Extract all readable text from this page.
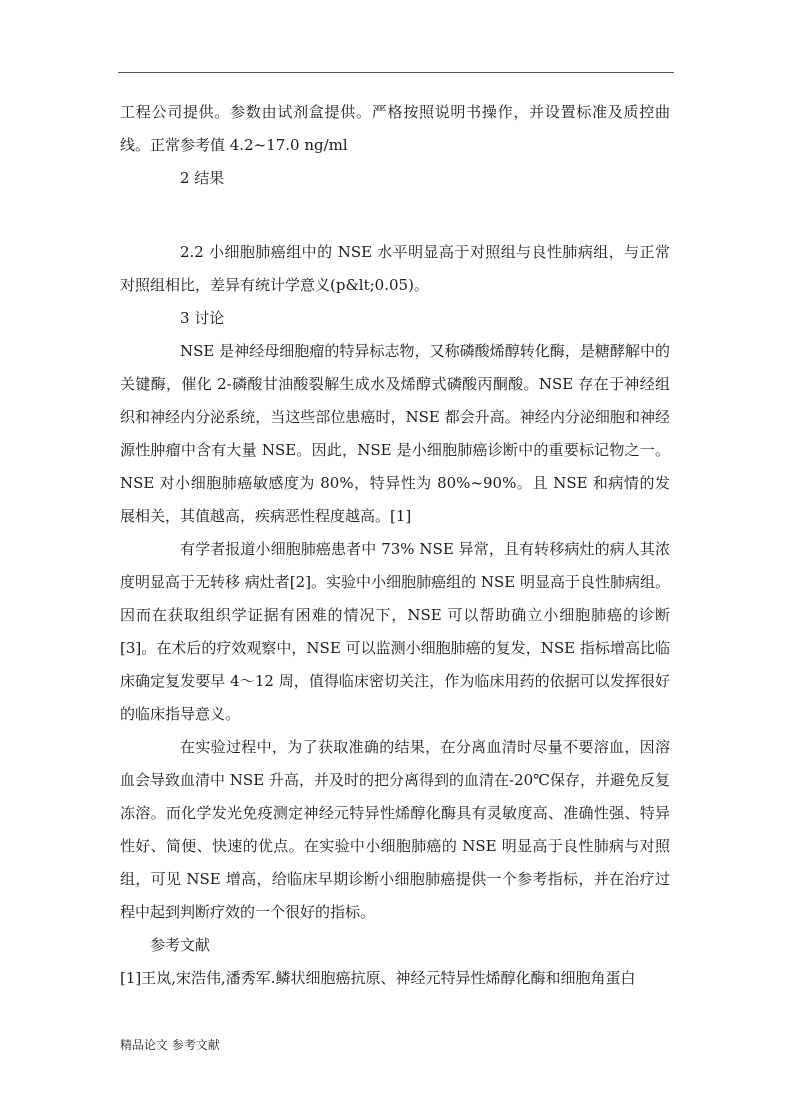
工程公司提供。参数由试剂盒提供。严格按照说明书操作，并设置标准及质控曲线。正常参考值 4.2~17.0 ng/ml

2 结果

2.2 小细胞肺癌组中的 NSE 水平明显高于对照组与良性肺病组，与正常对照组相比，差异有统计学意义(p&lt;0.05)。

3 讨论

NSE 是神经母细胞瘤的特异标志物，又称磷酸烯醇转化酶，是糖酵解中的关键酶，催化 2-磷酸甘油酸裂解生成水及烯醇式磷酸丙酮酸。NSE 存在于神经组织和神经内分泌系统，当这些部位患癌时，NSE 都会升高。神经内分泌细胞和神经源性肿瘤中含有大量 NSE。因此，NSE 是小细胞肺癌诊断中的重要标记物之一。NSE 对小细胞肺癌敏感度为 80%，特异性为 80%~90%。且 NSE 和病情的发展相关，其值越高，疾病恶性程度越高。[1]

有学者报道小细胞肺癌患者中 73% NSE 异常，且有转移病灶的病人其浓度明显高于无转移 病灶者[2]。实验中小细胞肺癌组的 NSE 明显高于良性肺病组。因而在获取组织学证据有困难的情况下，NSE 可以帮助确立小细胞肺癌的诊断[3]。在术后的疗效观察中，NSE 可以监测小细胞肺癌的复发，NSE 指标增高比临床确定复发要早 4～12 周，值得临床密切关注，作为临床用药的依据可以发挥很好的临床指导意义。

在实验过程中，为了获取准确的结果，在分离血清时尽量不要溶血，因溶血会导致血清中 NSE 升高，并及时的把分离得到的血清在-20℃保存，并避免反复冻溶。而化学发光免疫测定神经元特异性烯醇化酶具有灵敏度高、准确性强、特异性好、简便、快速的优点。在实验中小细胞肺癌的 NSE 明显高于良性肺病与对照组，可见 NSE 增高，给临床早期诊断小细胞肺癌提供一个参考指标，并在治疗过程中起到判断疗效的一个很好的指标。

参考文献

[1]王岚,宋浩伟,潘秀军.鳞状细胞癌抗原、神经元特异性烯醇化酶和细胞角蛋白

精品论文 参考文献
